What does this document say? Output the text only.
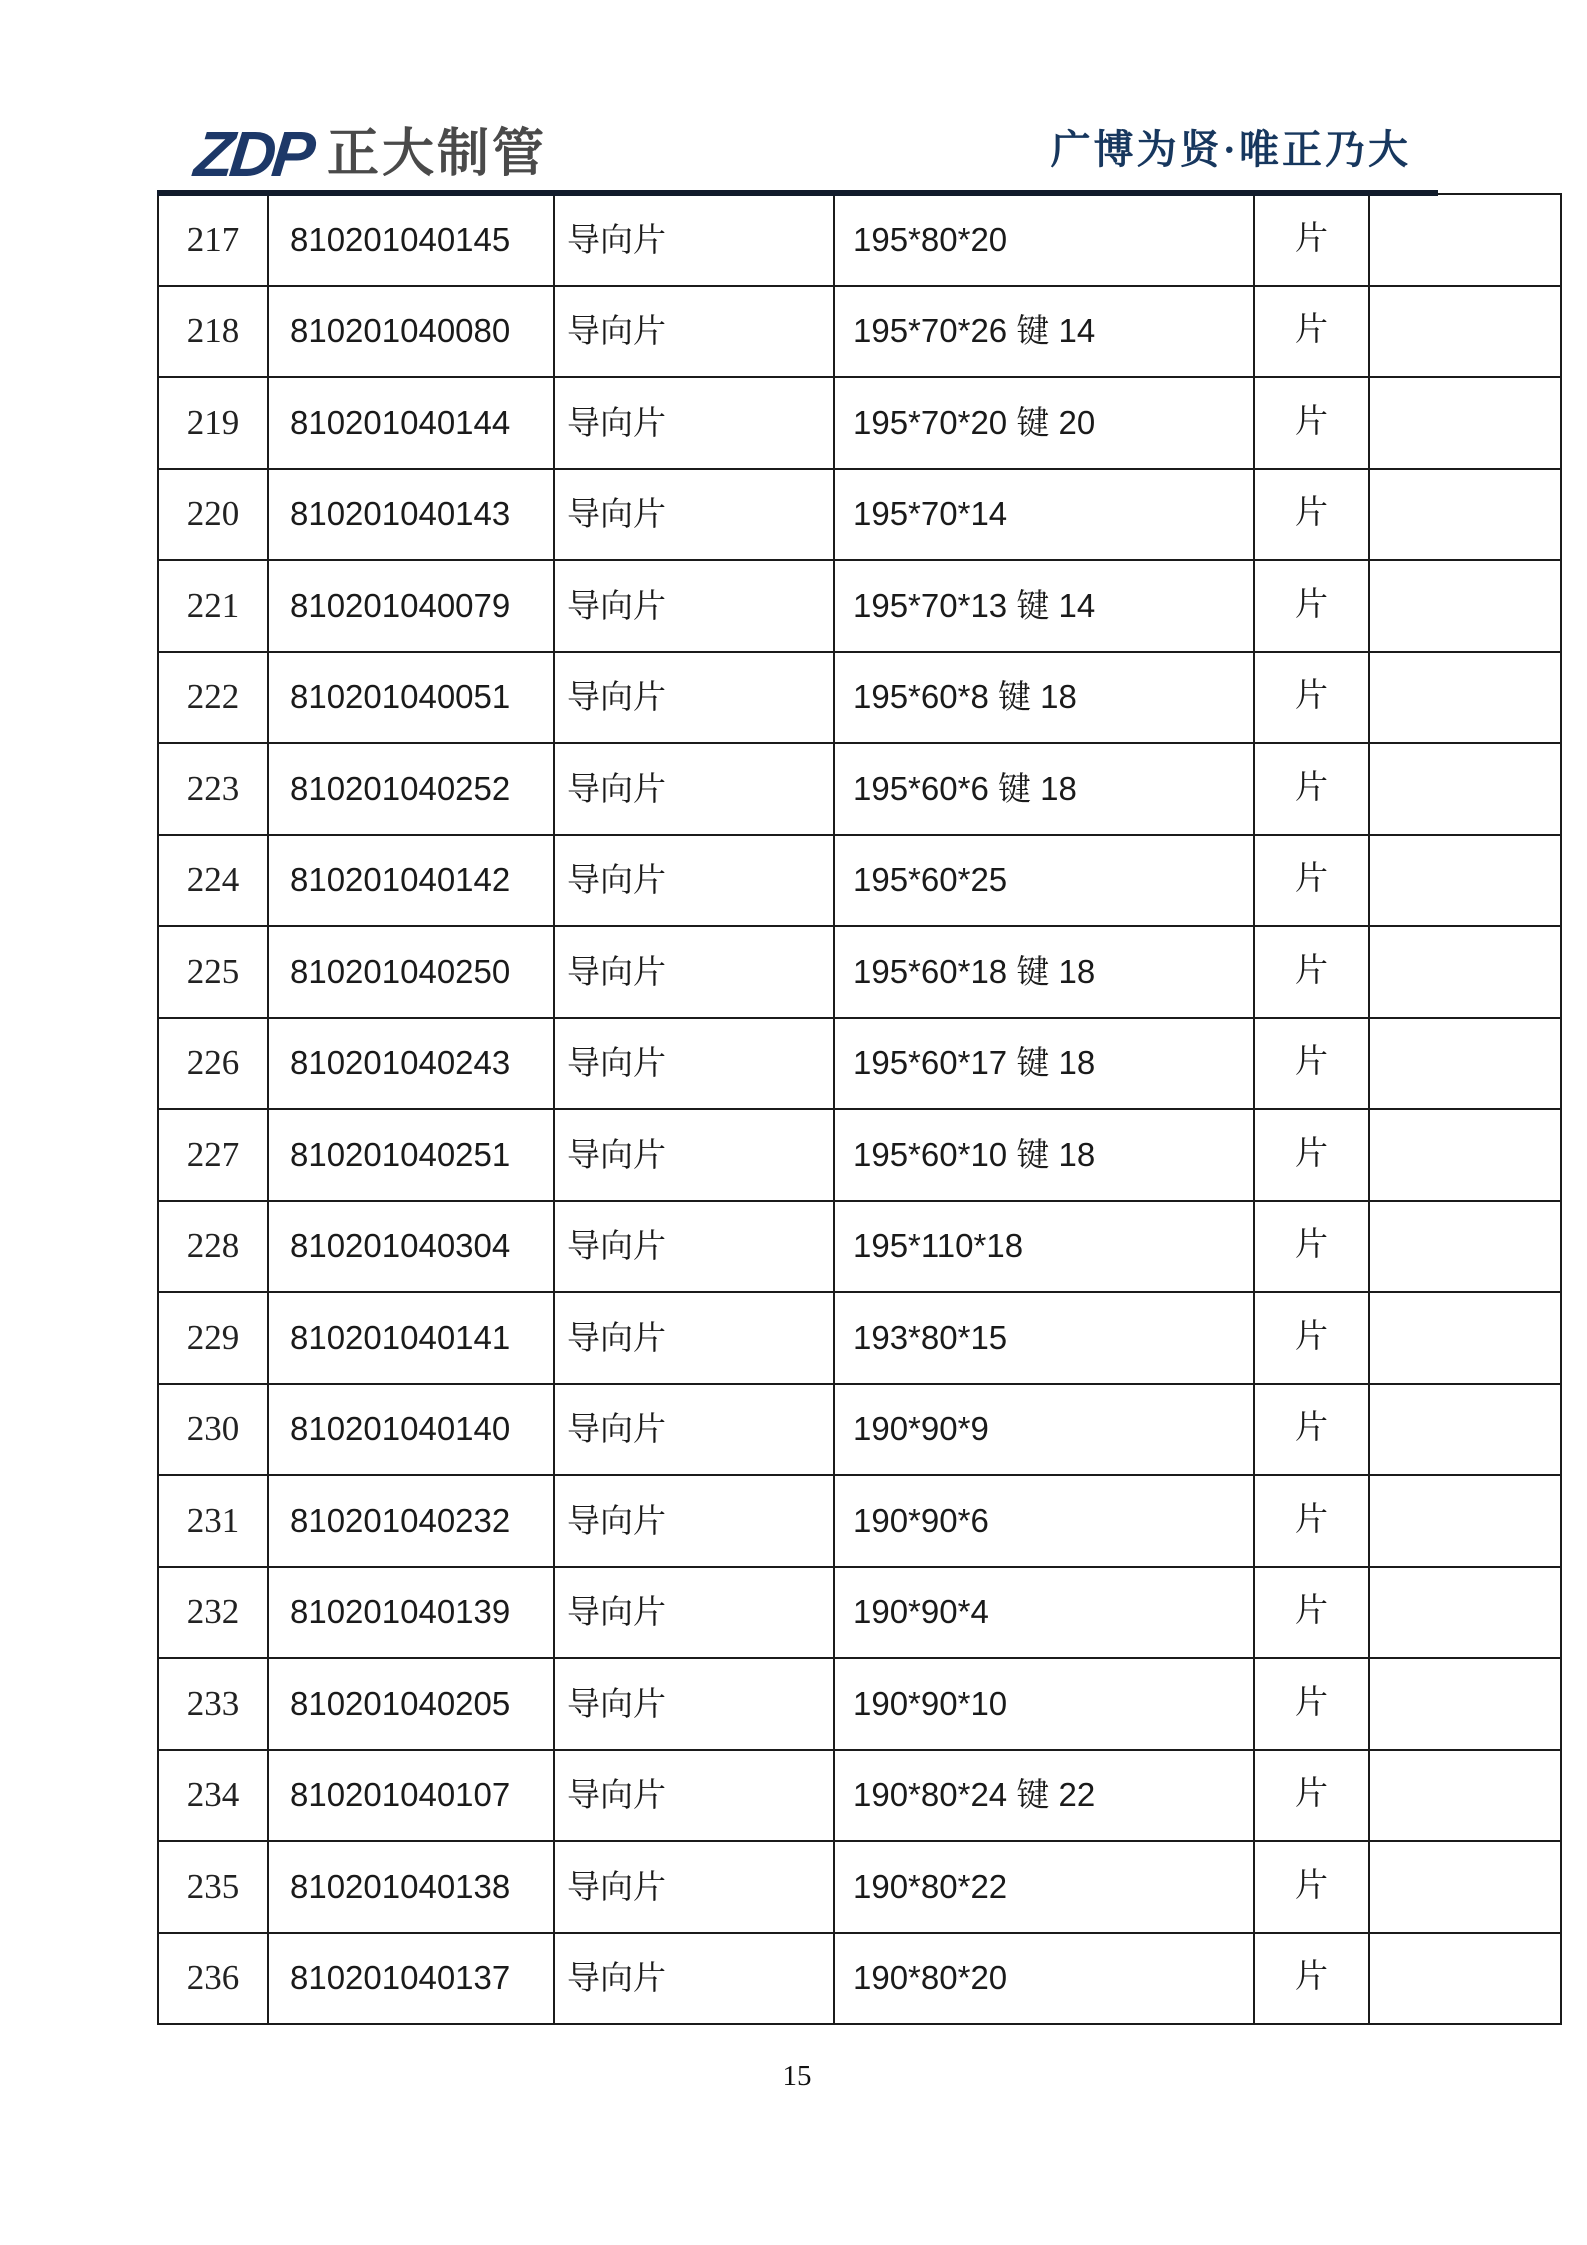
ZDP 正大制管	广博为贤·唯正乃大
217	810201040145	导向片	195*80*20	片	
218	810201040080	导向片	195*70*26 键 14	片	
219	810201040144	导向片	195*70*20 键 20	片	
220	810201040143	导向片	195*70*14	片	
221	810201040079	导向片	195*70*13 键 14	片	
222	810201040051	导向片	195*60*8 键 18	片	
223	810201040252	导向片	195*60*6 键 18	片	
224	810201040142	导向片	195*60*25	片	
225	810201040250	导向片	195*60*18 键 18	片	
226	810201040243	导向片	195*60*17 键 18	片	
227	810201040251	导向片	195*60*10 键 18	片	
228	810201040304	导向片	195*110*18	片	
229	810201040141	导向片	193*80*15	片	
230	810201040140	导向片	190*90*9	片	
231	810201040232	导向片	190*90*6	片	
232	810201040139	导向片	190*90*4	片	
233	810201040205	导向片	190*90*10	片	
234	810201040107	导向片	190*80*24 键 22	片	
235	810201040138	导向片	190*80*22	片	
236	810201040137	导向片	190*80*20	片	
15
